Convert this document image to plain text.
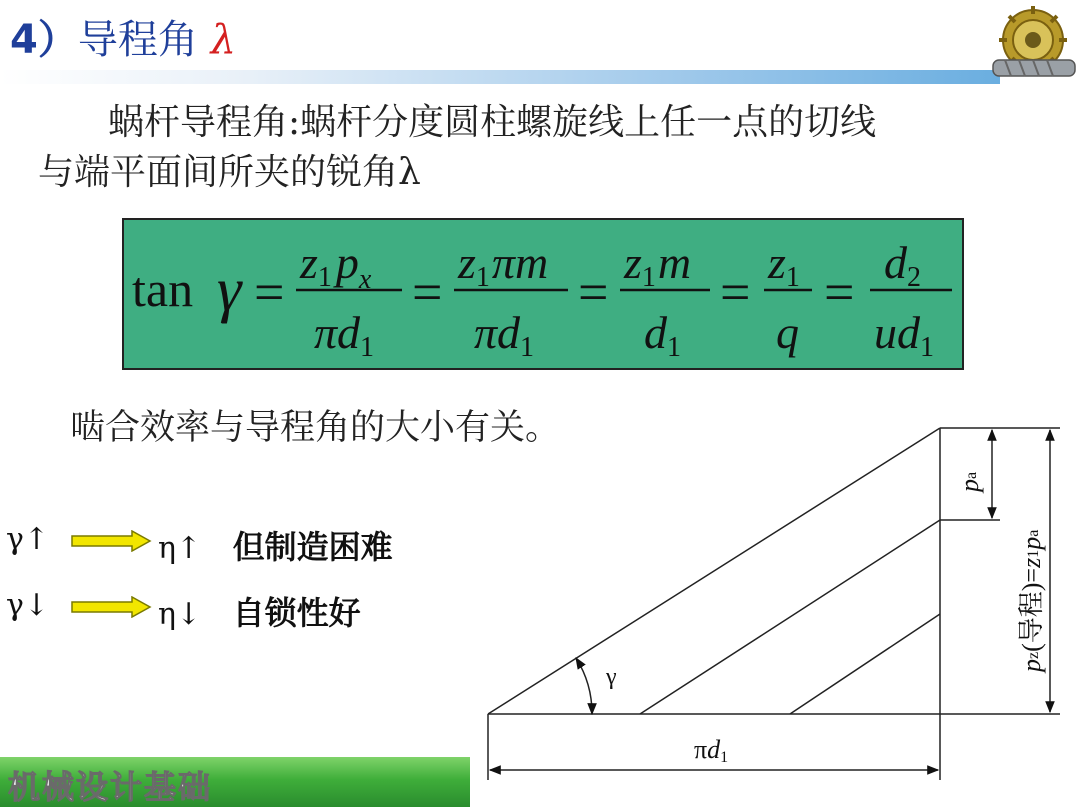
4）导程角 λ
蜗杆导程角:蜗杆分度圆柱螺旋线上任一点的切线
与端平面间所夹的锐角λ
$\tan \gamma = z1p_x$
πd1
= z1πm
πd1
= z1m
d1
= z1
q
= d2
ud1
啮合效率与导程角的大小有关。
γ↑	η↑ 但制造困难
γ↓	η↓ 自锁性好
γ
πd1
pa
pz(导程)=z1pa
机械设计基础
